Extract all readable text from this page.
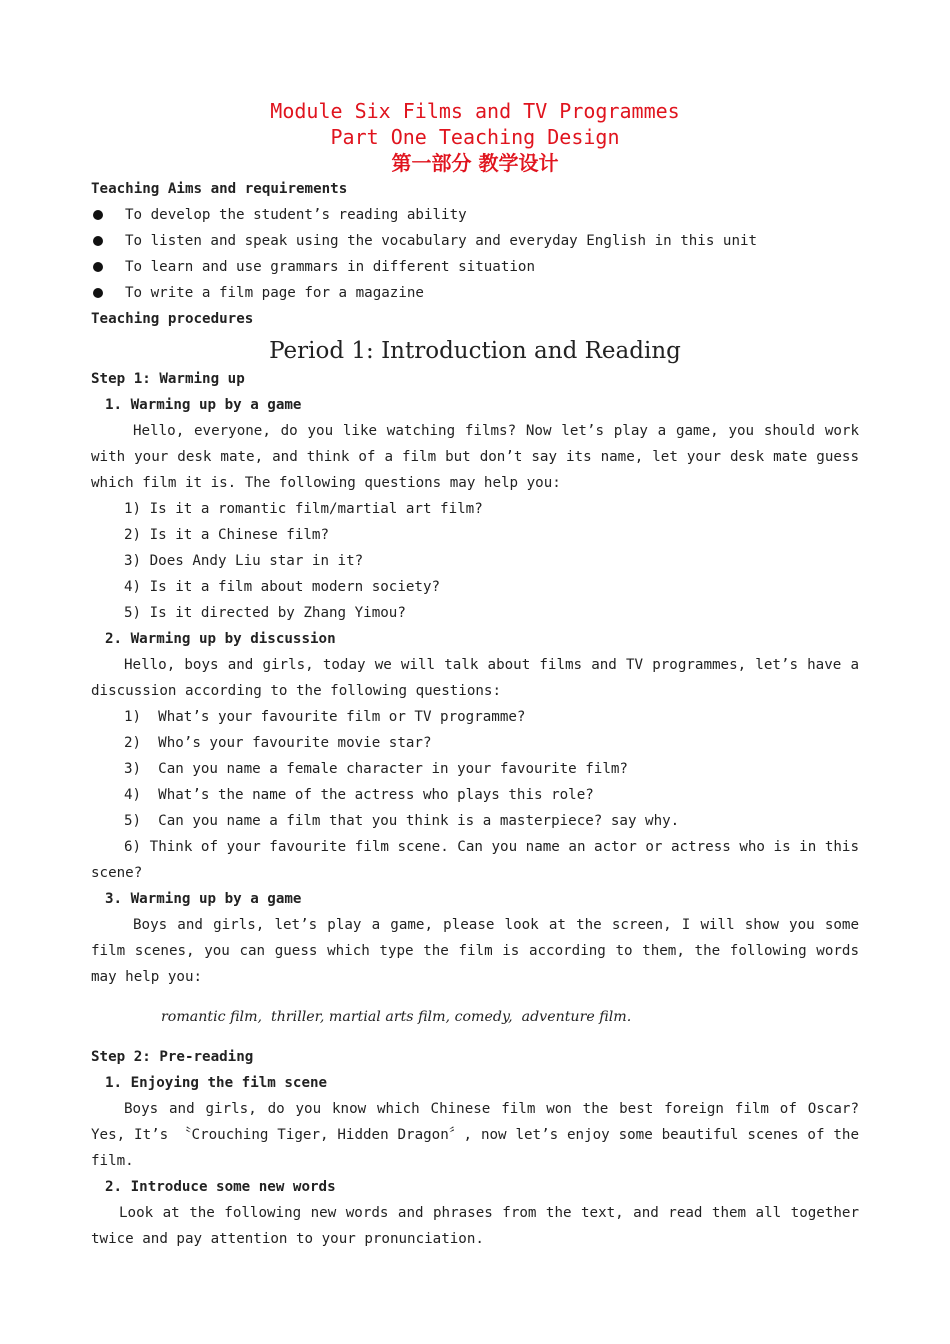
Module Six Films and TV Programmes

Part One Teaching Design

第一部分 教学设计

Teaching Aims and requirements

To develop the student’s reading ability
To listen and speak using the vocabulary and everyday English in this unit
To learn and use grammars in different situation
To write a film page for a magazine

Teaching procedures

Period 1: Introduction and Reading

Step 1: Warming up

1. Warming up by a game

Hello, everyone, do you like watching films? Now let’s play a game, you should work with your desk mate, and think of a film but don’t say its name, let your desk mate guess which film it is. The following questions may help you:

1) Is it a romantic film/martial art film?

2) Is it a Chinese film?

3) Does Andy Liu star in it?

4) Is it a film about modern society?

5) Is it directed by Zhang Yimou?

2. Warming up by discussion

Hello, boys and girls, today we will talk about films and TV programmes, let’s have a discussion according to the following questions:

1)  What’s your favourite film or TV programme?

2)  Who’s your favourite movie star?

3)  Can you name a female character in your favourite film?

4)  What’s the name of the actress who plays this role?

5)  Can you name a film that you think is a masterpiece? say why.

6) Think of your favourite film scene. Can you name an actor or actress who is in this scene?

3. Warming up by a game

Boys and girls, let’s play a game, please look at the screen, I will show you some film scenes, you can guess which type the film is according to them, the following words may help you:

romantic film,  thriller, martial arts film, comedy,  adventure film.

Step 2: Pre-reading

1. Enjoying the film scene

Boys and girls, do you know which Chinese film won the best foreign film of Oscar? Yes, It’s 〝Crouching Tiger, Hidden Dragon〞, now let’s enjoy some beautiful scenes of the film.

2. Introduce some new words

Look at the following new words and phrases from the text, and read them all together twice and pay attention to your pronunciation.
